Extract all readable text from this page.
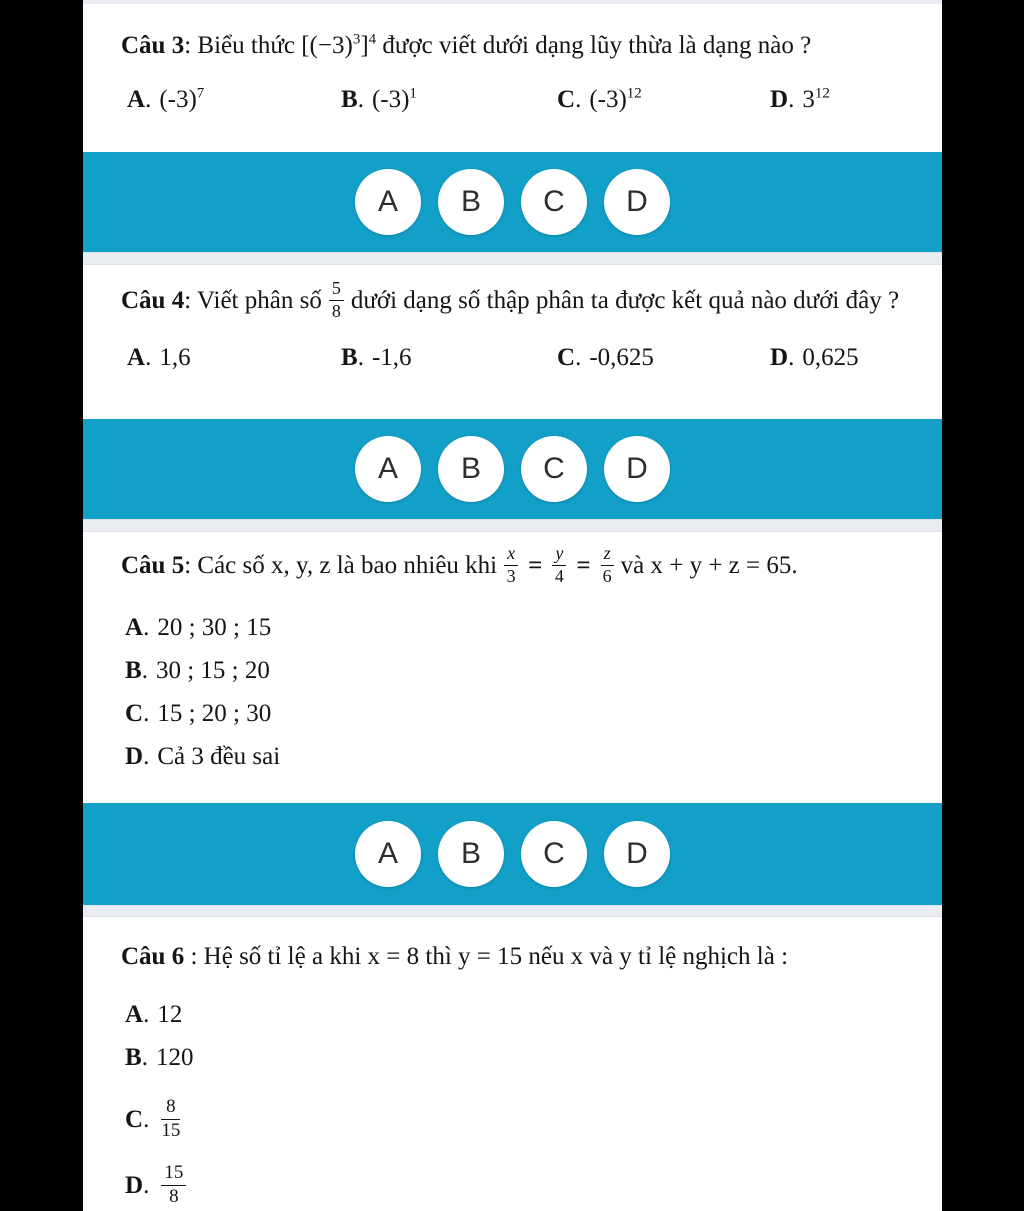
Câu 3: Biểu thức $[(-3)^3]^4$ được viết dưới dạng lũy thừa là dạng nào ?
A. $(-3)^7$	B. $(-3)^1$	C. $(-3)^{12}$	D. $3^{12}$
A	B	C	D
Câu 4: Viết phân số $\frac{5}{8}$ dưới dạng số thập phân ta được kết quả nào dưới đây ?
A. 1,6	B. -1,6	C. -0,625	D. 0,625
A	B	C	D
Câu 5: Các số x, y, z là bao nhiêu khi $\frac{x}{3} = \frac{y}{4} = \frac{z}{6}$ và x + y + z = 65.
A. 20 ; 30 ; 15
B. 30 ; 15 ; 20
C. 15 ; 20 ; 30
D. Cả 3 đều sai
A	B	C	D
Câu 6 : Hệ số tỉ lệ a khi x = 8 thì y = 15 nếu x và y tỉ lệ nghịch là :
A. 12
B. 120
C . $\frac{8}{15}$
D . $\frac{15}{8}$
